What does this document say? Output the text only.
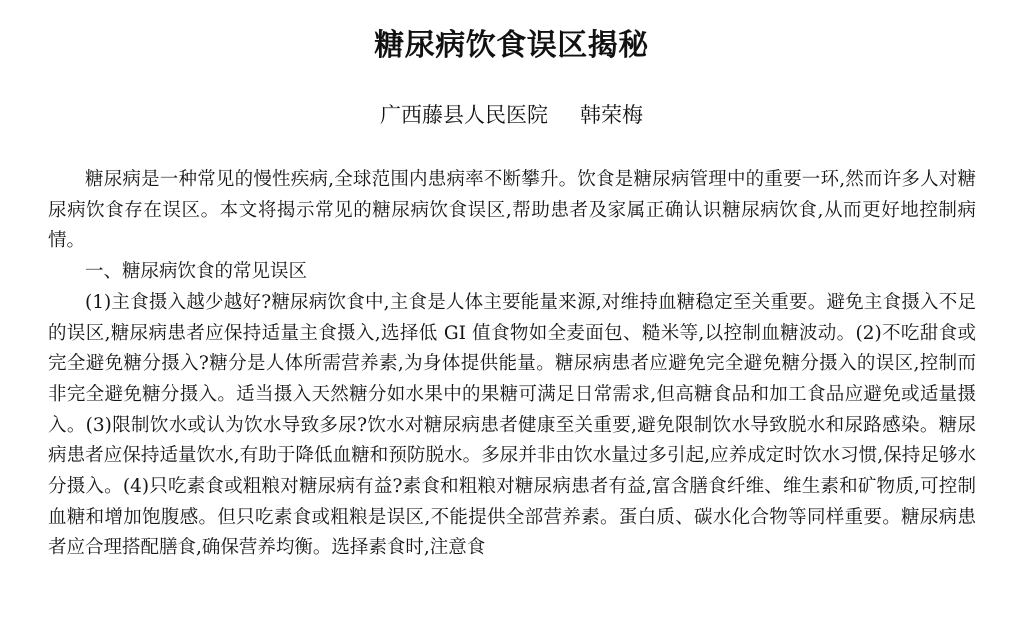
糖尿病饮食误区揭秘
广西藤县人民医院 韩荣梅

糖尿病是一种常见的慢性疾病,全球范围内患病率不断攀升。饮食是糖尿病管理中的重要一环,然而许多人对糖尿病饮食存在误区。本文将揭示常见的糖尿病饮食误区,帮助患者及家属正确认识糖尿病饮食,从而更好地控制病情。

一、糖尿病饮食的常见误区

(1)主食摄入越少越好?糖尿病饮食中,主食是人体主要能量来源,对维持血糖稳定至关重要。避免主食摄入不足的误区,糖尿病患者应保持适量主食摄入,选择低 GI 值食物如全麦面包、糙米等,以控制血糖波动。(2)不吃甜食或完全避免糖分摄入?糖分是人体所需营养素,为身体提供能量。糖尿病患者应避免完全避免糖分摄入的误区,控制而非完全避免糖分摄入。适当摄入天然糖分如水果中的果糖可满足日常需求,但高糖食品和加工食品应避免或适量摄入。(3)限制饮水或认为饮水导致多尿?饮水对糖尿病患者健康至关重要,避免限制饮水导致脱水和尿路感染。糖尿病患者应保持适量饮水,有助于降低血糖和预防脱水。多尿并非由饮水量过多引起,应养成定时饮水习惯,保持足够水分摄入。(4)只吃素食或粗粮对糖尿病有益?素食和粗粮对糖尿病患者有益,富含膳食纤维、维生素和矿物质,可控制血糖和增加饱腹感。但只吃素食或粗粮是误区,不能提供全部营养素。蛋白质、碳水化合物等同样重要。糖尿病患者应合理搭配膳食,确保营养均衡。选择素食时,注意食
